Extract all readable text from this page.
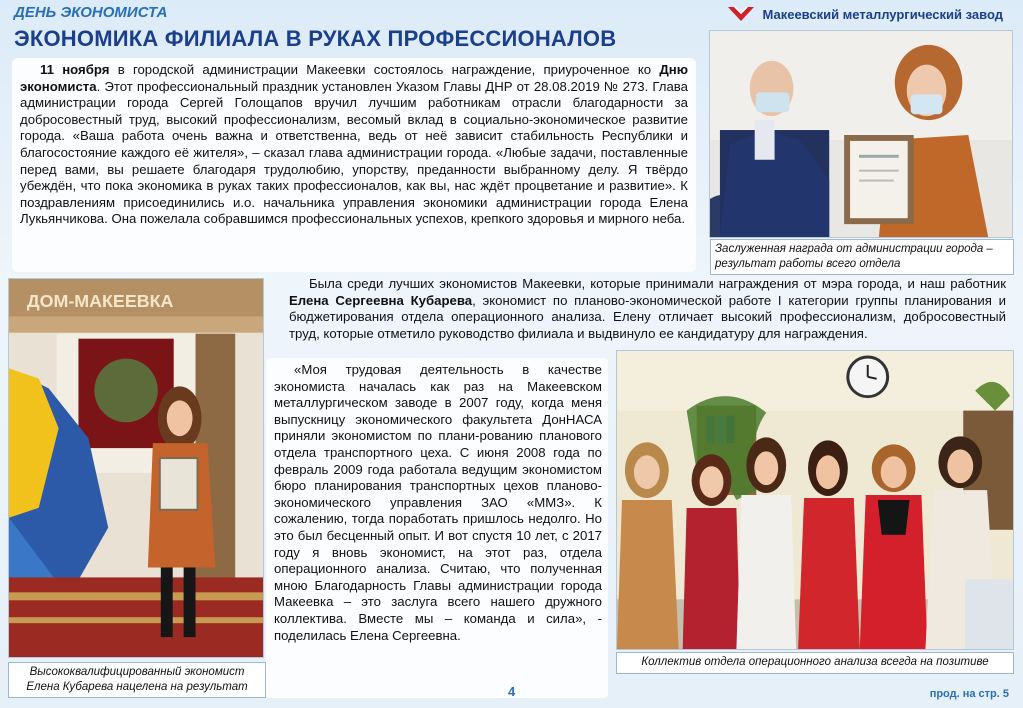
ДЕНЬ ЭКОНОМИСТА
ЭКОНОМИКА ФИЛИАЛА В РУКАХ ПРОФЕССИОНАЛОВ
Макеевский металлургический завод

11 ноября в городской администрации Макеевки состоялось награждение, приуроченное ко Дню экономиста. Этот профессиональный праздник установлен Указом Главы ДНР от 28.08.2019 № 273. Глава администрации города Сергей Голощапов вручил лучшим работникам отрасли благодарности за добросовестный труд, высокий профессионализм, весомый вклад в социально-экономическое развитие города. «Ваша работа очень важна и ответственна, ведь от неё зависит стабильность Республики и благосостояние каждого её жителя», – сказал глава администрации города. «Любые задачи, поставленные перед вами, вы решаете благодаря трудолюбию, упорству, преданности выбранному делу. Я твёрдо убеждён, что пока экономика в руках таких профессионалов, как вы, нас ждёт процветание и развитие». К поздравлениям присоединились и.о. начальника управления экономики администрации города Елена Лукьянчикова. Она пожелала собравшимся профессиональных успехов, крепкого здоровья и мирного неба.

Заслуженная награда от администрации города – результат работы всего отдела
ДОМ-МАКЕЕВКА
Высококвалифицированный экономист Елена Кубарева нацелена на результат

Была среди лучших экономистов Макеевки, которые принимали награждения от мэра города, и наш работник Елена Сергеевна Кубарева, экономист по планово-экономической работе I категории группы планирования и бюджетирования отдела операционного анализа. Елену отличает высокий профессионализм, добросовестный труд, которые отметило руководство филиала и выдвинуло ее кандидатуру для награждения.

«Моя трудовая деятельность в качестве экономиста началась как раз на Макеевском металлургическом заводе в 2007 году, когда меня выпускницу экономического факультета ДонНАСА приняли экономистом по плани-рованию планового отдела транспортного цеха. С июня 2008 года по февраль 2009 года работала ведущим экономистом бюро планирования транспортных цехов планово-экономического управления ЗАО «ММЗ». К сожалению, тогда поработать пришлось недолго. Но это был бесценный опыт. И вот спустя 10 лет, с 2017 году я вновь экономист, на этот раз, отдела операционного анализа. Считаю, что полученная мною Благодарность Главы администрации города Макеевка – это заслуга всего нашего дружного коллектива. Вместе мы – команда и сила», - поделилась Елена Сергеевна.

Коллектив отдела операционного анализа всегда на позитиве
4	прод. на стр. 5
